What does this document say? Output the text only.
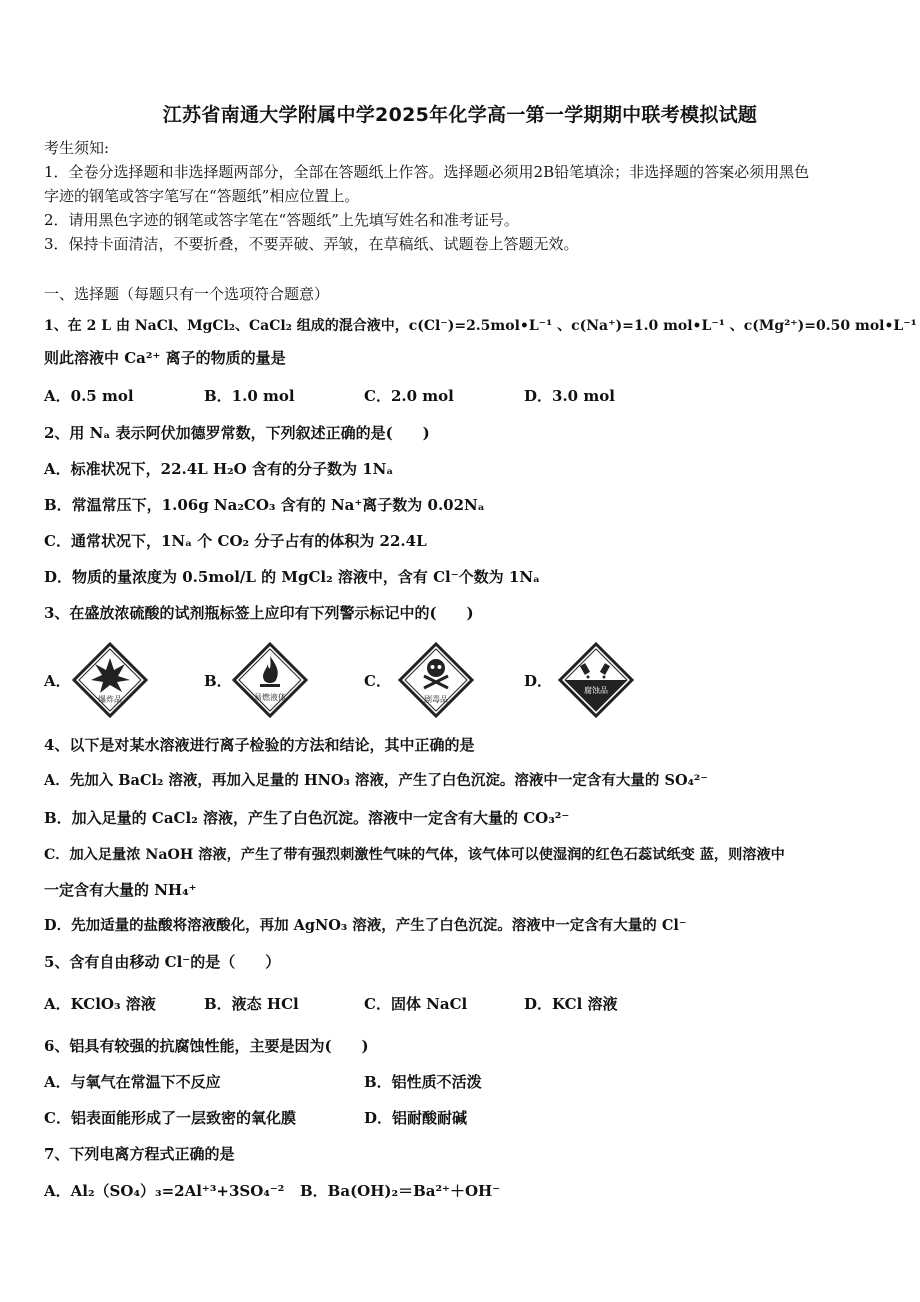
江苏省南通大学附属中学2025年化学高一第一学期期中联考模拟试题
考生须知:
1．全卷分选择题和非选择题两部分，全部在答题纸上作答。选择题必须用2B铅笔填涂；非选择题的答案必须用黑色
字迹的钢笔或答字笔写在“答题纸”相应位置上。
2．请用黑色字迹的钢笔或答字笔在“答题纸”上先填写姓名和准考证号。
3．保持卡面清洁，不要折叠，不要弄破、弄皱，在草稿纸、试题卷上答题无效。
一、选择题（每题只有一个选项符合题意）
1、在 2 L 由 NaCl、MgCl₂、CaCl₂ 组成的混合液中，c(Cl⁻)=2.5mol•L⁻¹ 、c(Na⁺)=1.0 mol•L⁻¹ 、c(Mg²⁺)=0.50 mol•L⁻¹
则此溶液中 Ca²⁺ 离子的物质的量是
A．0.5 mol	B．1.0 mol	C．2.0 mol	D．3.0 mol
2、用 Nₐ 表示阿伏加德罗常数，下列叙述正确的是(　　)
A．标准状况下，22.4L H₂O 含有的分子数为 1Nₐ
B．常温常压下，1.06g Na₂CO₃ 含有的 Na⁺离子数为 0.02Nₐ
C．通常状况下，1Nₐ 个 CO₂ 分子占有的体积为 22.4L
D．物质的量浓度为 0.5mol/L 的 MgCl₂ 溶液中，含有 Cl⁻个数为 1Nₐ
3、在盛放浓硫酸的试剂瓶标签上应印有下列警示标记中的(　　)
A．
爆炸品
B．
易燃液体
C．
剧毒品
D．
腐蚀品
4、以下是对某水溶液进行离子检验的方法和结论，其中正确的是
A．先加入 BaCl₂ 溶液，再加入足量的 HNO₃ 溶液，产生了白色沉淀。溶液中一定含有大量的 SO₄²⁻
B．加入足量的 CaCl₂ 溶液，产生了白色沉淀。溶液中一定含有大量的 CO₃²⁻
C．加入足量浓 NaOH 溶液，产生了带有强烈刺激性气味的气体，该气体可以使湿润的红色石蕊试纸变 蓝，则溶液中
一定含有大量的 NH₄⁺
D．先加适量的盐酸将溶液酸化，再加 AgNO₃ 溶液，产生了白色沉淀。溶液中一定含有大量的 Cl⁻
5、含有自由移动 Cl⁻的是（　　）
A．KClO₃ 溶液	B．液态 HCl	C．固体 NaCl	D．KCl 溶液
6、铝具有较强的抗腐蚀性能，主要是因为(　　)
A．与氧气在常温下不反应	B．铝性质不活泼
C．铝表面能形成了一层致密的氧化膜	D．铝耐酸耐碱
7、下列电离方程式正确的是
A．Al₂（SO₄）₃=2Al⁺³+3SO₄⁻² B．Ba(OH)₂＝Ba²⁺＋OH⁻
